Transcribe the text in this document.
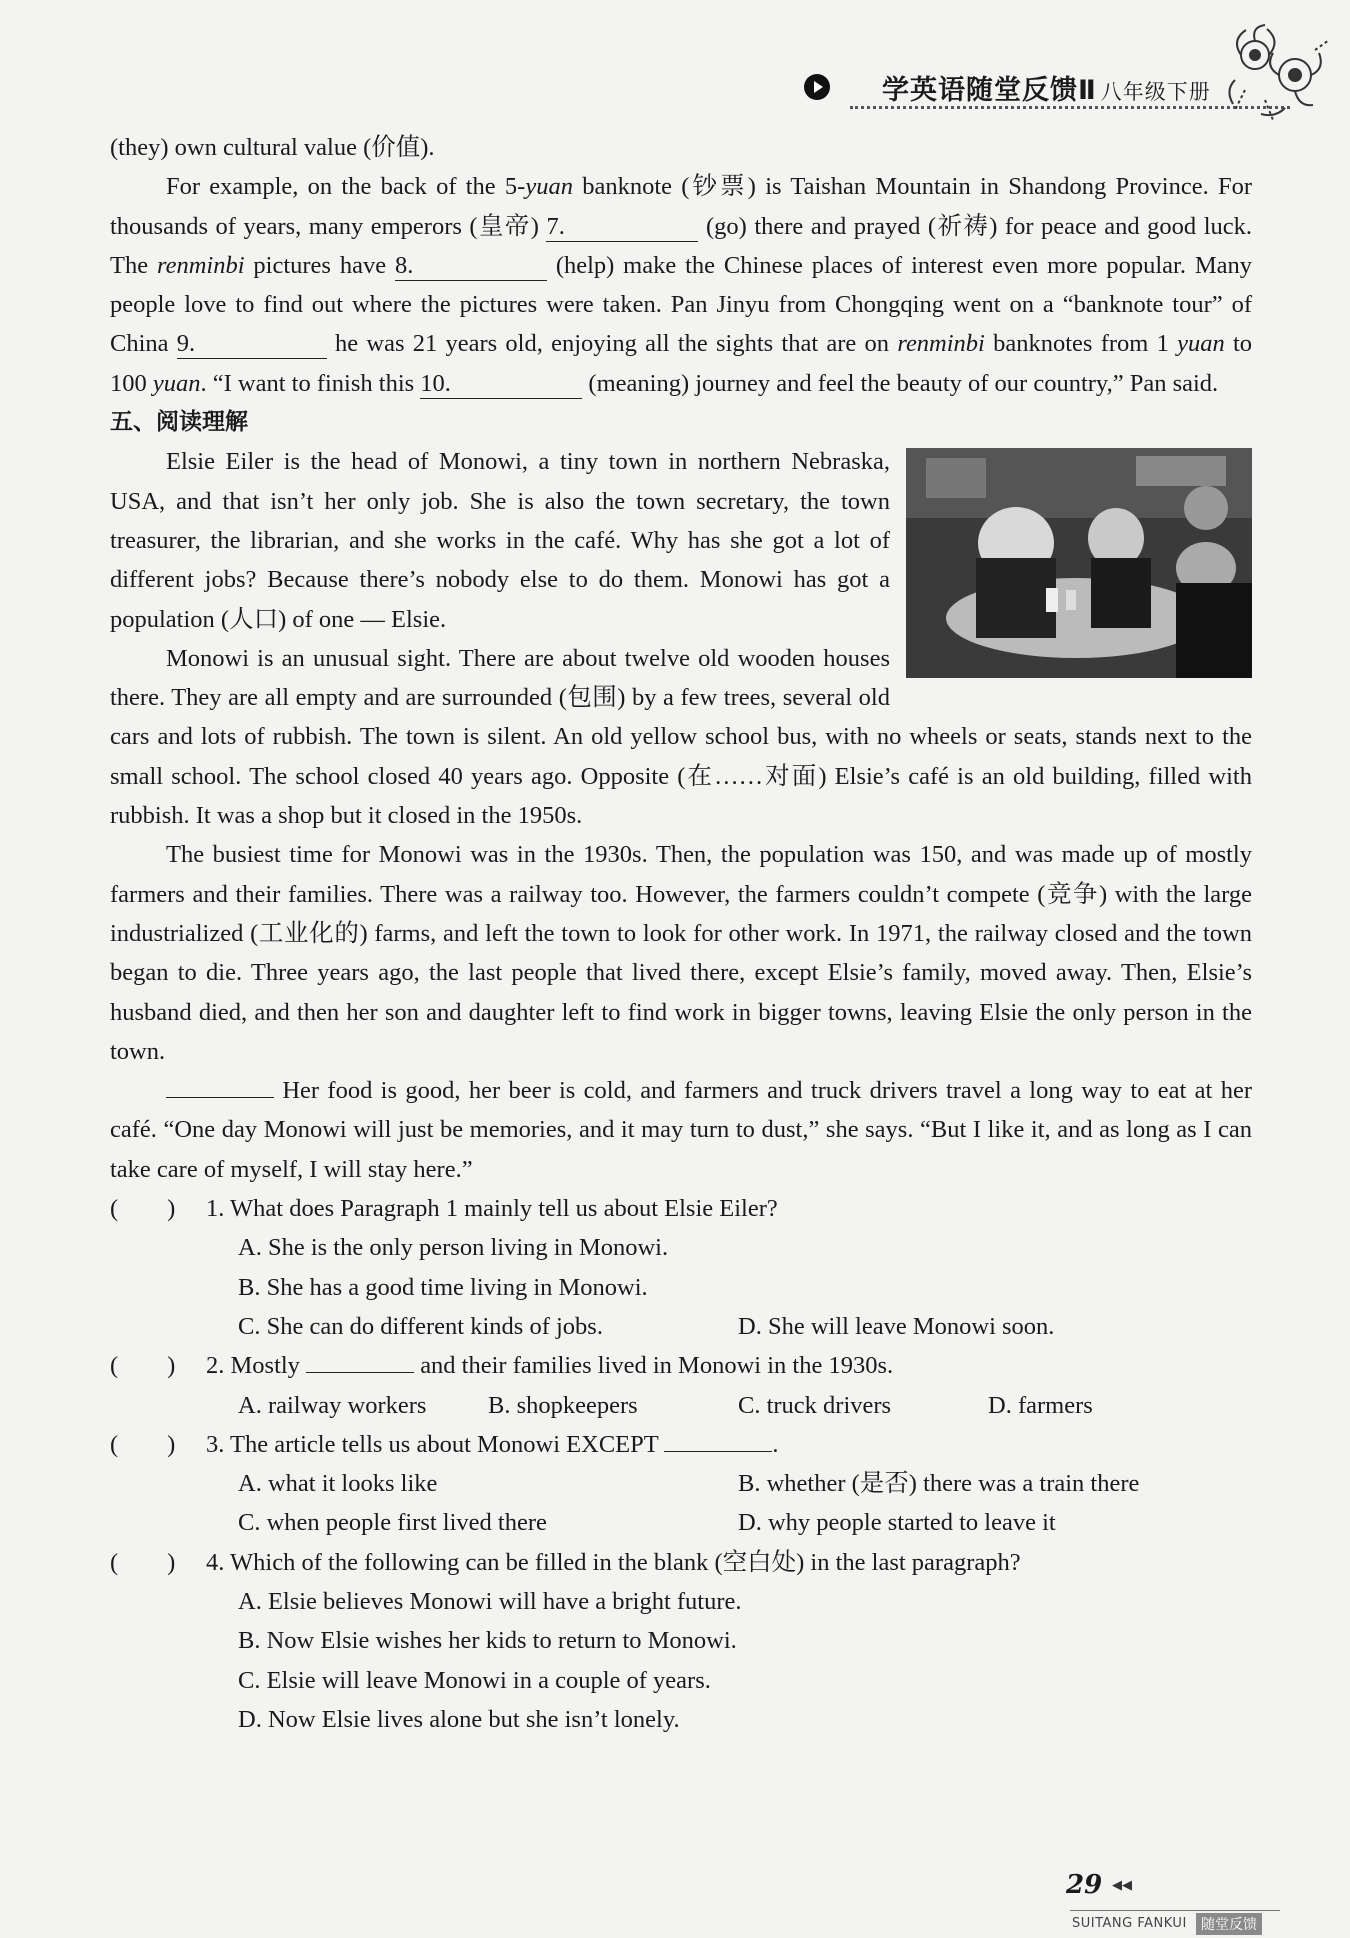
学英语随堂反馈Ⅱ 八年级下册

(they) own cultural value (价值).

For example, on the back of the 5-yuan banknote (钞票) is Taishan Mountain in Shandong Province. For thousands of years, many emperors (皇帝) 7.	(go) there and prayed (祈祷) for peace and good luck. The renminbi pictures have 8.	(help) make the Chinese places of interest even more popular. Many people love to find out where the pictures were taken. Pan Jinyu from Chongqing went on a “banknote tour” of China 9.	he was 21 years old, enjoying all the sights that are on renminbi banknotes from 1 yuan to 100 yuan. “I want to finish this 10.	(meaning) journey and feel the beauty of our country,” Pan said.

五、阅读理解

Elsie Eiler is the head of Monowi, a tiny town in northern Nebraska, USA, and that isn’t her only job. She is also the town secretary, the town treasurer, the librarian, and she works in the café. Why has she got a lot of different jobs? Because there’s nobody else to do them. Monowi has got a population (人口) of one — Elsie.

Monowi is an unusual sight. There are about twelve old wooden houses there. They are all empty and are surrounded (包围) by a few trees, several old cars and lots of rubbish. The town is silent. An old yellow school bus, with no wheels or seats, stands next to the small school. The school closed 40 years ago. Opposite (在……对面) Elsie’s café is an old building, filled with rubbish. It was a shop but it closed in the 1950s.

The busiest time for Monowi was in the 1930s. Then, the population was 150, and was made up of mostly farmers and their families. There was a railway too. However, the farmers couldn’t compete (竞争) with the large industrialized (工业化的) farms, and left the town to look for other work. In 1971, the railway closed and the town began to die. Three years ago, the last people that lived there, except Elsie’s family, moved away. Then, Elsie’s husband died, and then her son and daughter left to find work in bigger towns, leaving Elsie the only person in the town.

Her food is good, her beer is cold, and farmers and truck drivers travel a long way to eat at her café. “One day Monowi will just be memories, and it may turn to dust,” she says. “But I like it, and as long as I can take care of myself, I will stay here.”

(　　) 1. What does Paragraph 1 mainly tell us about Elsie Eiler?
A. She is the only person living in Monowi.
B. She has a good time living in Monowi.
C. She can do different kinds of jobs.	D. She will leave Monowi soon.
(　　) 2. Mostly	and their families lived in Monowi in the 1930s.
A. railway workers	B. shopkeepers	C. truck drivers	D. farmers
(　　) 3. The article tells us about Monowi EXCEPT	.
A. what it looks like	B. whether (是否) there was a train there
C. when people first lived there	D. why people started to leave it
(　　) 4. Which of the following can be filled in the blank (空白处) in the last paragraph?
A. Elsie believes Monowi will have a bright future.
B. Now Elsie wishes her kids to return to Monowi.
C. Elsie will leave Monowi in a couple of years.
D. Now Elsie lives alone but she isn’t lonely.
29 ◀◀
SUITANG FANKUI	随堂反馈
